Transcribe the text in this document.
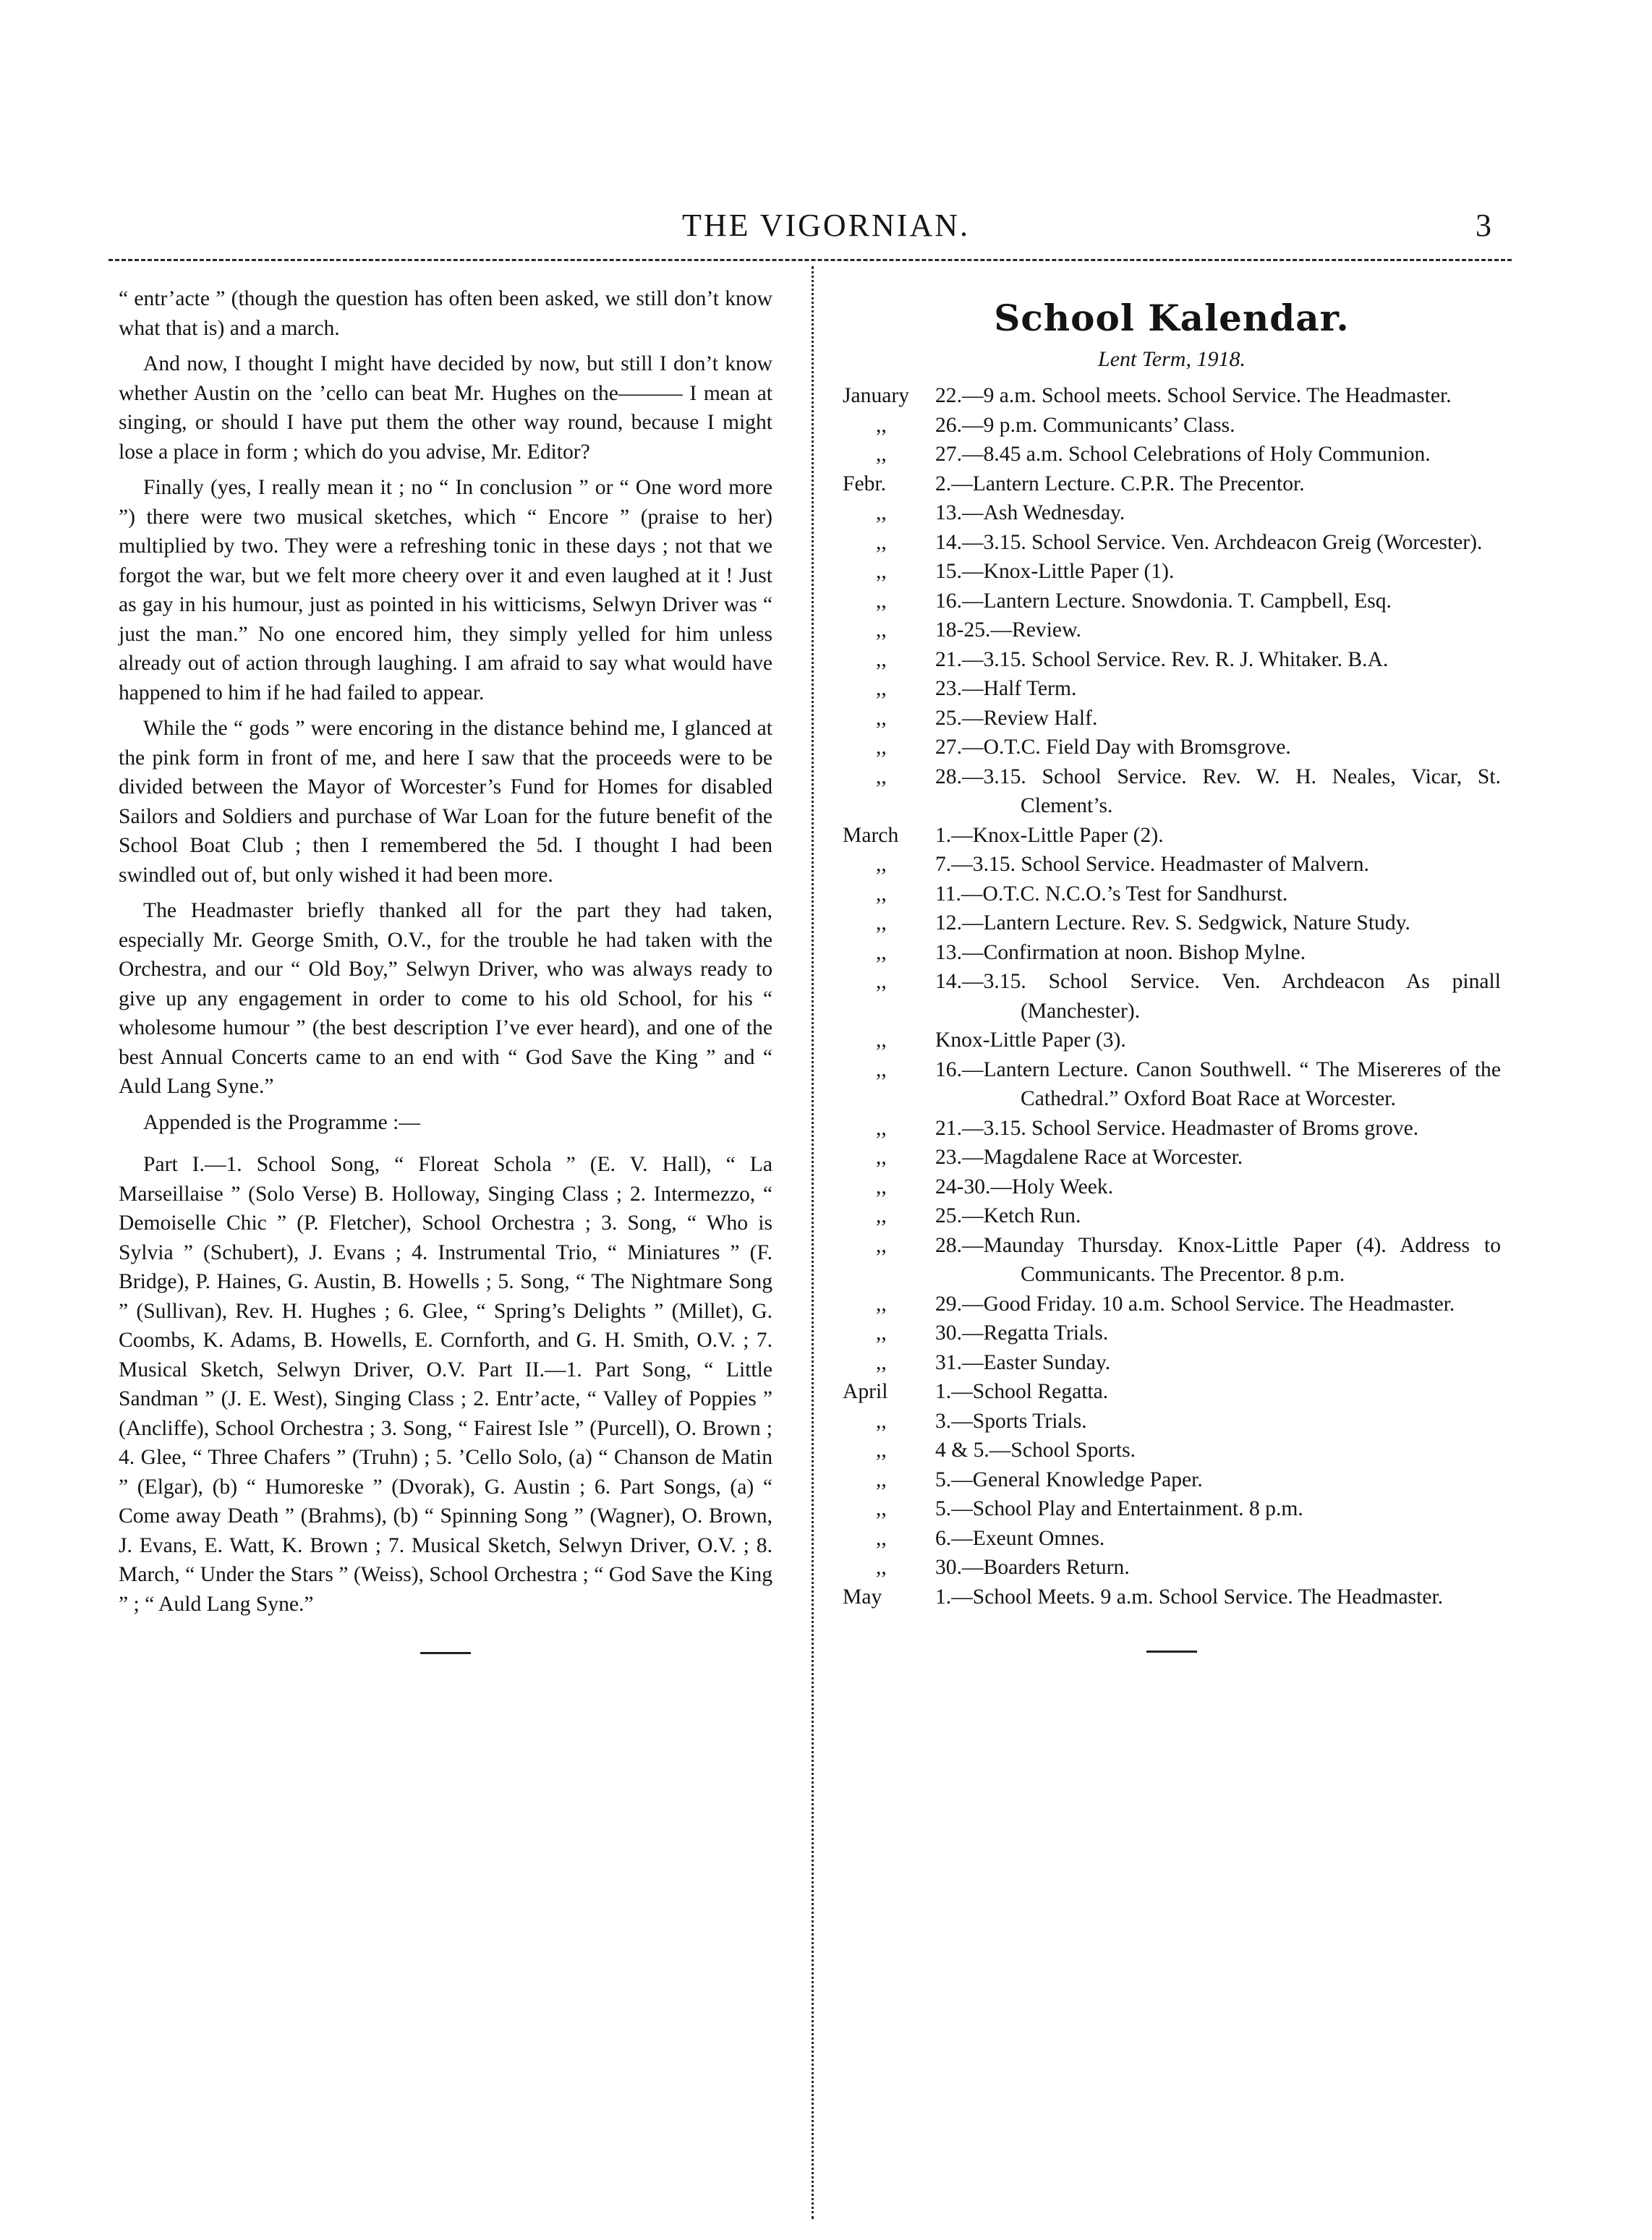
THE VIGORNIAN.	3

“ entr’acte ” (though the question has often been asked, we still don’t know what that is) and a march.

And now, I thought I might have decided by now, but still I don’t know whether Austin on the ’cello can beat Mr. Hughes on the——— I mean at singing, or should I have put them the other way round, because I might lose a place in form ; which do you advise, Mr. Editor?

Finally (yes, I really mean it ; no “ In conclusion ” or “ One word more ”) there were two musical sketches, which “ Encore ” (praise to her) multiplied by two. They were a refreshing tonic in these days ; not that we forgot the war, but we felt more cheery over it and even laughed at it ! Just as gay in his humour, just as pointed in his witticisms, Selwyn Driver was “ just the man.” No one encored him, they simply yelled for him unless already out of action through laughing. I am afraid to say what would have happened to him if he had failed to appear.

While the “ gods ” were encoring in the distance behind me, I glanced at the pink form in front of me, and here I saw that the proceeds were to be divided between the Mayor of Worcester’s Fund for Homes for disabled Sailors and Soldiers and purchase of War Loan for the future benefit of the School Boat Club ; then I remembered the 5d. I thought I had been swindled out of, but only wished it had been more.

The Headmaster briefly thanked all for the part they had taken, especially Mr. George Smith, O.V., for the trouble he had taken with the Orchestra, and our “ Old Boy,” Selwyn Driver, who was always ready to give up any engagement in order to come to his old School, for his “ wholesome humour ” (the best description I’ve ever heard), and one of the best Annual Concerts came to an end with “ God Save the King ” and “ Auld Lang Syne.”

Appended is the Programme :—

Part I.—1. School Song, “ Floreat Schola ” (E. V. Hall), “ La Marseillaise ” (Solo Verse) B. Holloway, Singing Class ; 2. Intermezzo, “ Demoiselle Chic ” (P. Fletcher), School Orchestra ; 3. Song, “ Who is Sylvia ” (Schubert), J. Evans ; 4. Instrumental Trio, “ Miniatures ” (F. Bridge), P. Haines, G. Austin, B. Howells ; 5. Song, “ The Nightmare Song ” (Sullivan), Rev. H. Hughes ; 6. Glee, “ Spring’s Delights ” (Millet), G. Coombs, K. Adams, B. Howells, E. Cornforth, and G. H. Smith, O.V. ; 7. Musical Sketch, Selwyn Driver, O.V. Part II.—1. Part Song, “ Little Sandman ” (J. E. West), Singing Class ; 2. Entr’acte, “ Valley of Poppies ” (Ancliffe), School Orchestra ; 3. Song, “ Fairest Isle ” (Purcell), O. Brown ; 4. Glee, “ Three Chafers ” (Truhn) ; 5. ’Cello Solo, (a) “ Chanson de Matin ” (Elgar), (b) “ Humoreske ” (Dvorak), G. Austin ; 6. Part Songs, (a) “ Come away Death ” (Brahms), (b) “ Spinning Song ” (Wagner), O. Brown, J. Evans, E. Watt, K. Brown ; 7. Musical Sketch, Selwyn Driver, O.V. ; 8. March, “ Under the Stars ” (Weiss), School Orchestra ; “ God Save the King ” ; “ Auld Lang Syne.”

School Kalendar.
Lent Term, 1918.
January	22.—9 a.m. School meets. School Service. The Headmaster.
,,	26.—9 p.m. Communicants’ Class.
,,	27.—8.45 a.m. School Celebrations of Holy Communion.
Febr.	2.—Lantern Lecture. C.P.R. The Precentor.
,,	13.—Ash Wednesday.
,,	14.—3.15. School Service. Ven. Archdeacon Greig (Worcester).
,,	15.—Knox-Little Paper (1).
,,	16.—Lantern Lecture. Snowdonia. T. Campbell, Esq.
,,	18-25.—Review.
,,	21.—3.15. School Service. Rev. R. J. Whitaker. B.A.
,,	23.—Half Term.
,,	25.—Review Half.
,,	27.—O.T.C. Field Day with Bromsgrove.
,,	28.—3.15. School Service. Rev. W. H. Neales, Vicar, St. Clement’s.
March	1.—Knox-Little Paper (2).
,,	7.—3.15. School Service. Headmaster of Malvern.
,,	11.—O.T.C. N.C.O.’s Test for Sandhurst.
,,	12.—Lantern Lecture. Rev. S. Sedgwick, Nature Study.
,,	13.—Confirmation at noon. Bishop Mylne.
,,	14.—3.15. School Service. Ven. Archdeacon As pinall (Manchester).
,,	Knox-Little Paper (3).
,,	16.—Lantern Lecture. Canon Southwell. “ The Misereres of the Cathedral.” Oxford Boat Race at Worcester.
,,	21.—3.15. School Service. Headmaster of Broms grove.
,,	23.—Magdalene Race at Worcester.
,,	24-30.—Holy Week.
,,	25.—Ketch Run.
,,	28.—Maunday Thursday. Knox-Little Paper (4). Address to Communicants. The Precentor. 8 p.m.
,,	29.—Good Friday. 10 a.m. School Service. The Headmaster.
,,	30.—Regatta Trials.
,,	31.—Easter Sunday.
April	1.—School Regatta.
,,	3.—Sports Trials.
,,	4 & 5.—School Sports.
,,	5.—General Knowledge Paper.
,,	5.—School Play and Entertainment. 8 p.m.
,,	6.—Exeunt Omnes.
,,	30.—Boarders Return.
May	1.—School Meets. 9 a.m. School Service. The Headmaster.
